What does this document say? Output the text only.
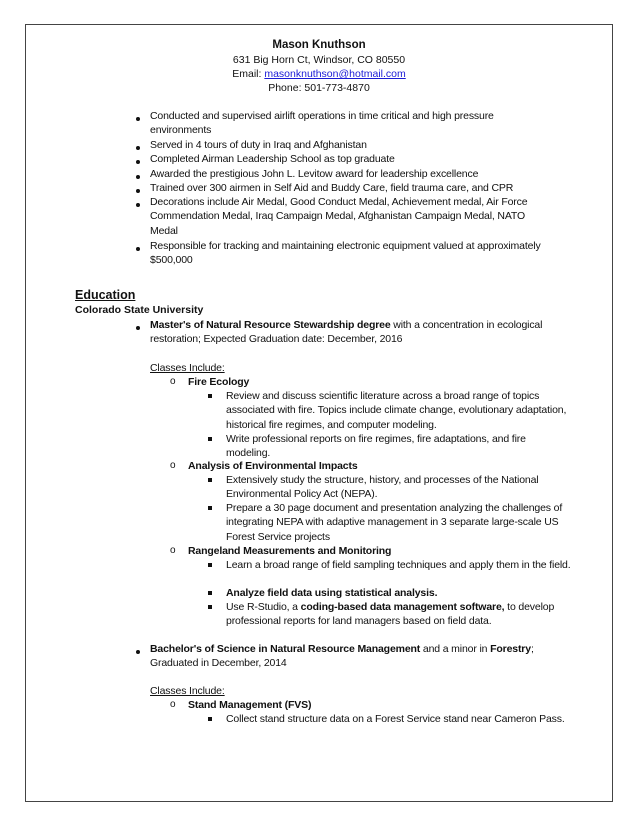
Mason Knuthson
631 Big Horn Ct, Windsor, CO 80550
Email: masonknuthson@hotmail.com
Phone: 501-773-4870
Conducted and supervised airlift operations in time critical and high pressure environments
Served in 4 tours of duty in Iraq and Afghanistan
Completed Airman Leadership School as top graduate
Awarded the prestigious John L. Levitow award for leadership excellence
Trained over 300 airmen in Self Aid and Buddy Care, field trauma care, and CPR
Decorations include Air Medal, Good Conduct Medal, Achievement medal, Air Force Commendation Medal, Iraq Campaign Medal, Afghanistan Campaign Medal, NATO Medal
Responsible for tracking and maintaining electronic equipment valued at approximately $500,000
Education
Colorado State University
Master's of Natural Resource Stewardship degree with a concentration in ecological restoration; Expected Graduation date: December, 2016
Classes Include:
o Fire Ecology
Review and discuss scientific literature across a broad range of topics associated with fire. Topics include climate change, evolutionary adaptation, historical fire regimes, and computer modeling.
Write professional reports on fire regimes, fire adaptations, and fire modeling.
o Analysis of Environmental Impacts
Extensively study the structure, history, and processes of the National Environmental Policy Act (NEPA).
Prepare a 30 page document and presentation analyzing the challenges of integrating NEPA with adaptive management in 3 separate large-scale US Forest Service projects
o Rangeland Measurements and Monitoring
Learn a broad range of field sampling techniques and apply them in the field.
Analyze field data using statistical analysis.
Use R-Studio, a coding-based data management software, to develop professional reports for land managers based on field data.
Bachelor's of Science in Natural Resource Management and a minor in Forestry; Graduated in December, 2014
Classes Include:
o Stand Management (FVS)
Collect stand structure data on a Forest Service stand near Cameron Pass.
